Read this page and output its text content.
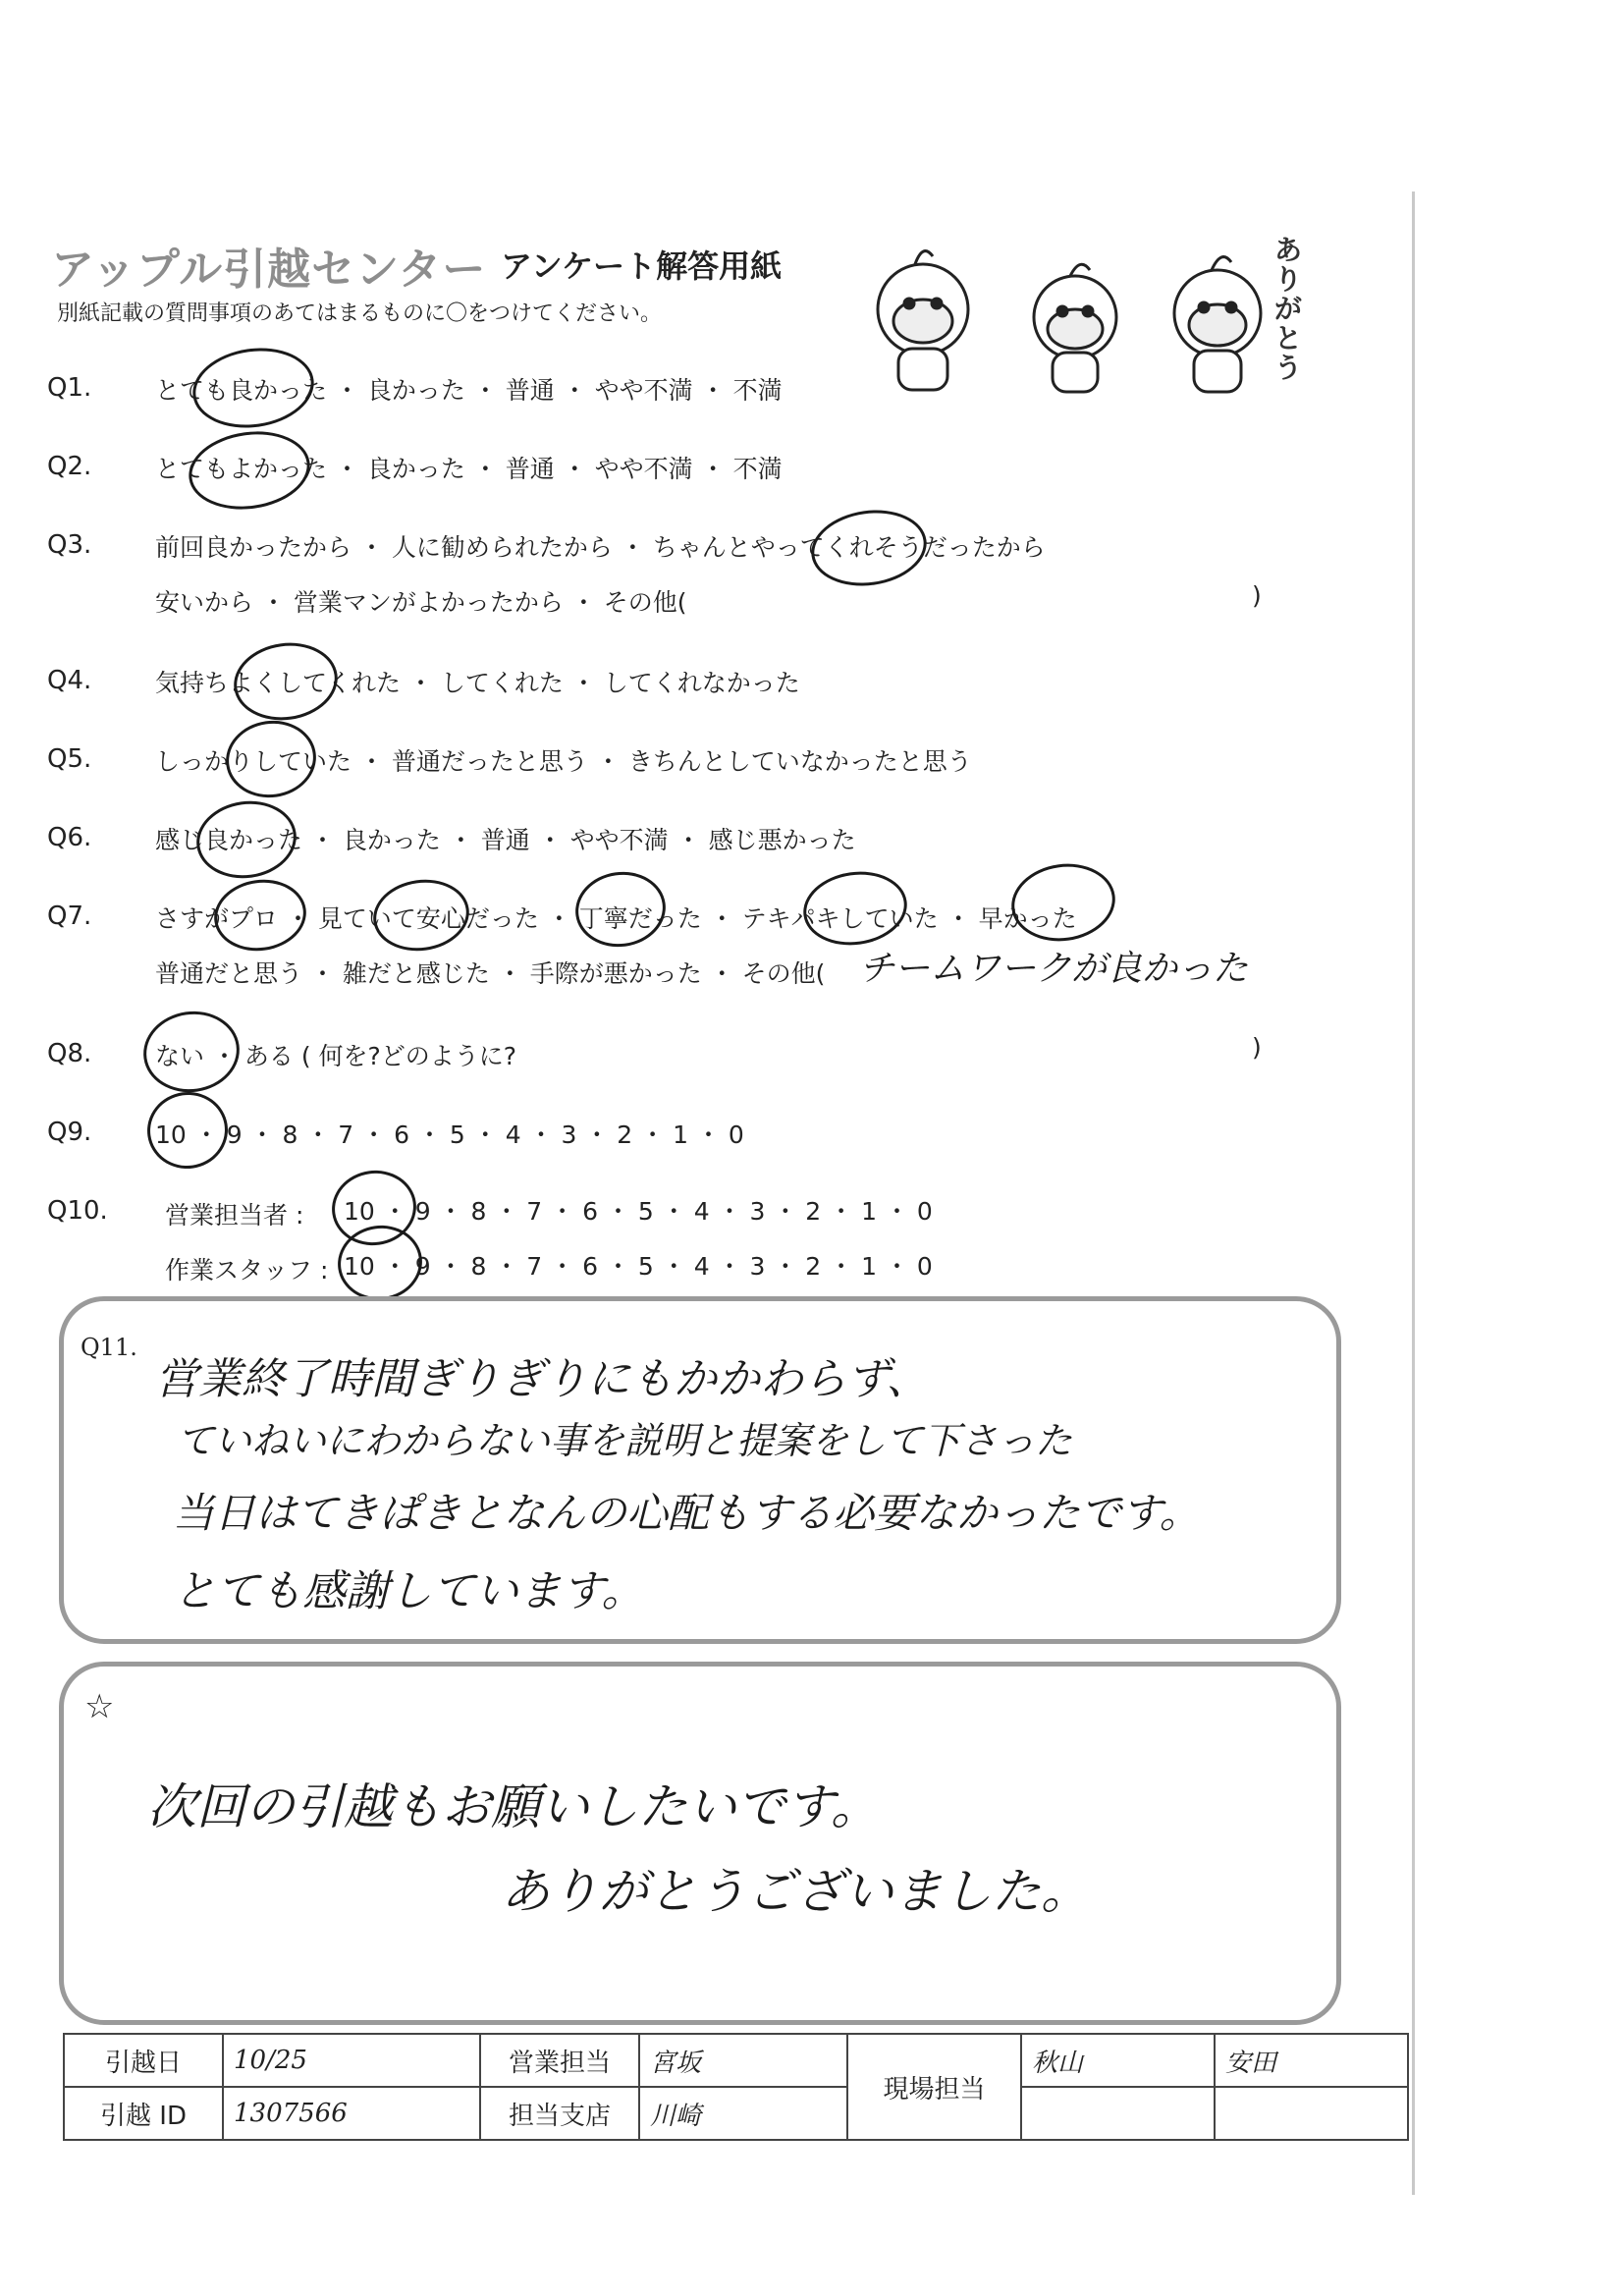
アップル引越センター アンケート解答用紙
別紙記載の質問事項のあてはまるものに〇をつけてください。
ありがとう
Q1.	とても良かった ・ 良かった ・ 普通 ・ やや不満 ・ 不満
Q2.	とてもよかった ・ 良かった ・ 普通 ・ やや不満 ・ 不満
Q3.	前回良かったから ・ 人に勧められたから ・ ちゃんとやってくれそうだったから
安いから ・ 営業マンがよかったから ・ その他(	)
Q4.	気持ちよくしてくれた ・ してくれた ・ してくれなかった
Q5.	しっかりしていた ・ 普通だったと思う ・ きちんとしていなかったと思う
Q6.	感じ良かった ・ 良かった ・ 普通 ・ やや不満 ・ 感じ悪かった
Q7.	さすがプロ ・ 見ていて安心だった ・ 丁寧だった ・ テキパキしていた ・ 早かった
普通だと思う ・ 雑だと感じた ・ 手際が悪かった ・ その他( チームワークが良かった
Q8.	ない ・ ある ( 何を?どのように?	)
Q9.	10 ・ 9 ・ 8 ・ 7 ・ 6 ・ 5 ・ 4 ・ 3 ・ 2 ・ 1 ・ 0
Q10. 営業担当者 : 10 ・ 9 ・ 8 ・ 7 ・ 6 ・ 5 ・ 4 ・ 3 ・ 2 ・ 1 ・ 0
作業スタッフ : 10 ・ 9 ・ 8 ・ 7 ・ 6 ・ 5 ・ 4 ・ 3 ・ 2 ・ 1 ・ 0
Q11.
営業終了時間ぎりぎりにもかかわらず、
ていねいにわからない事を説明と提案をして下さった
当日はてきぱきとなんの心配もする必要なかったです。
とても感謝しています。
☆
次回の引越もお願いしたいです。
ありがとうございました。
引越日	10/25	営業担当	宮坂	現場担当	秋山	安田
引越 ID	1307566	担当支店	川崎			
